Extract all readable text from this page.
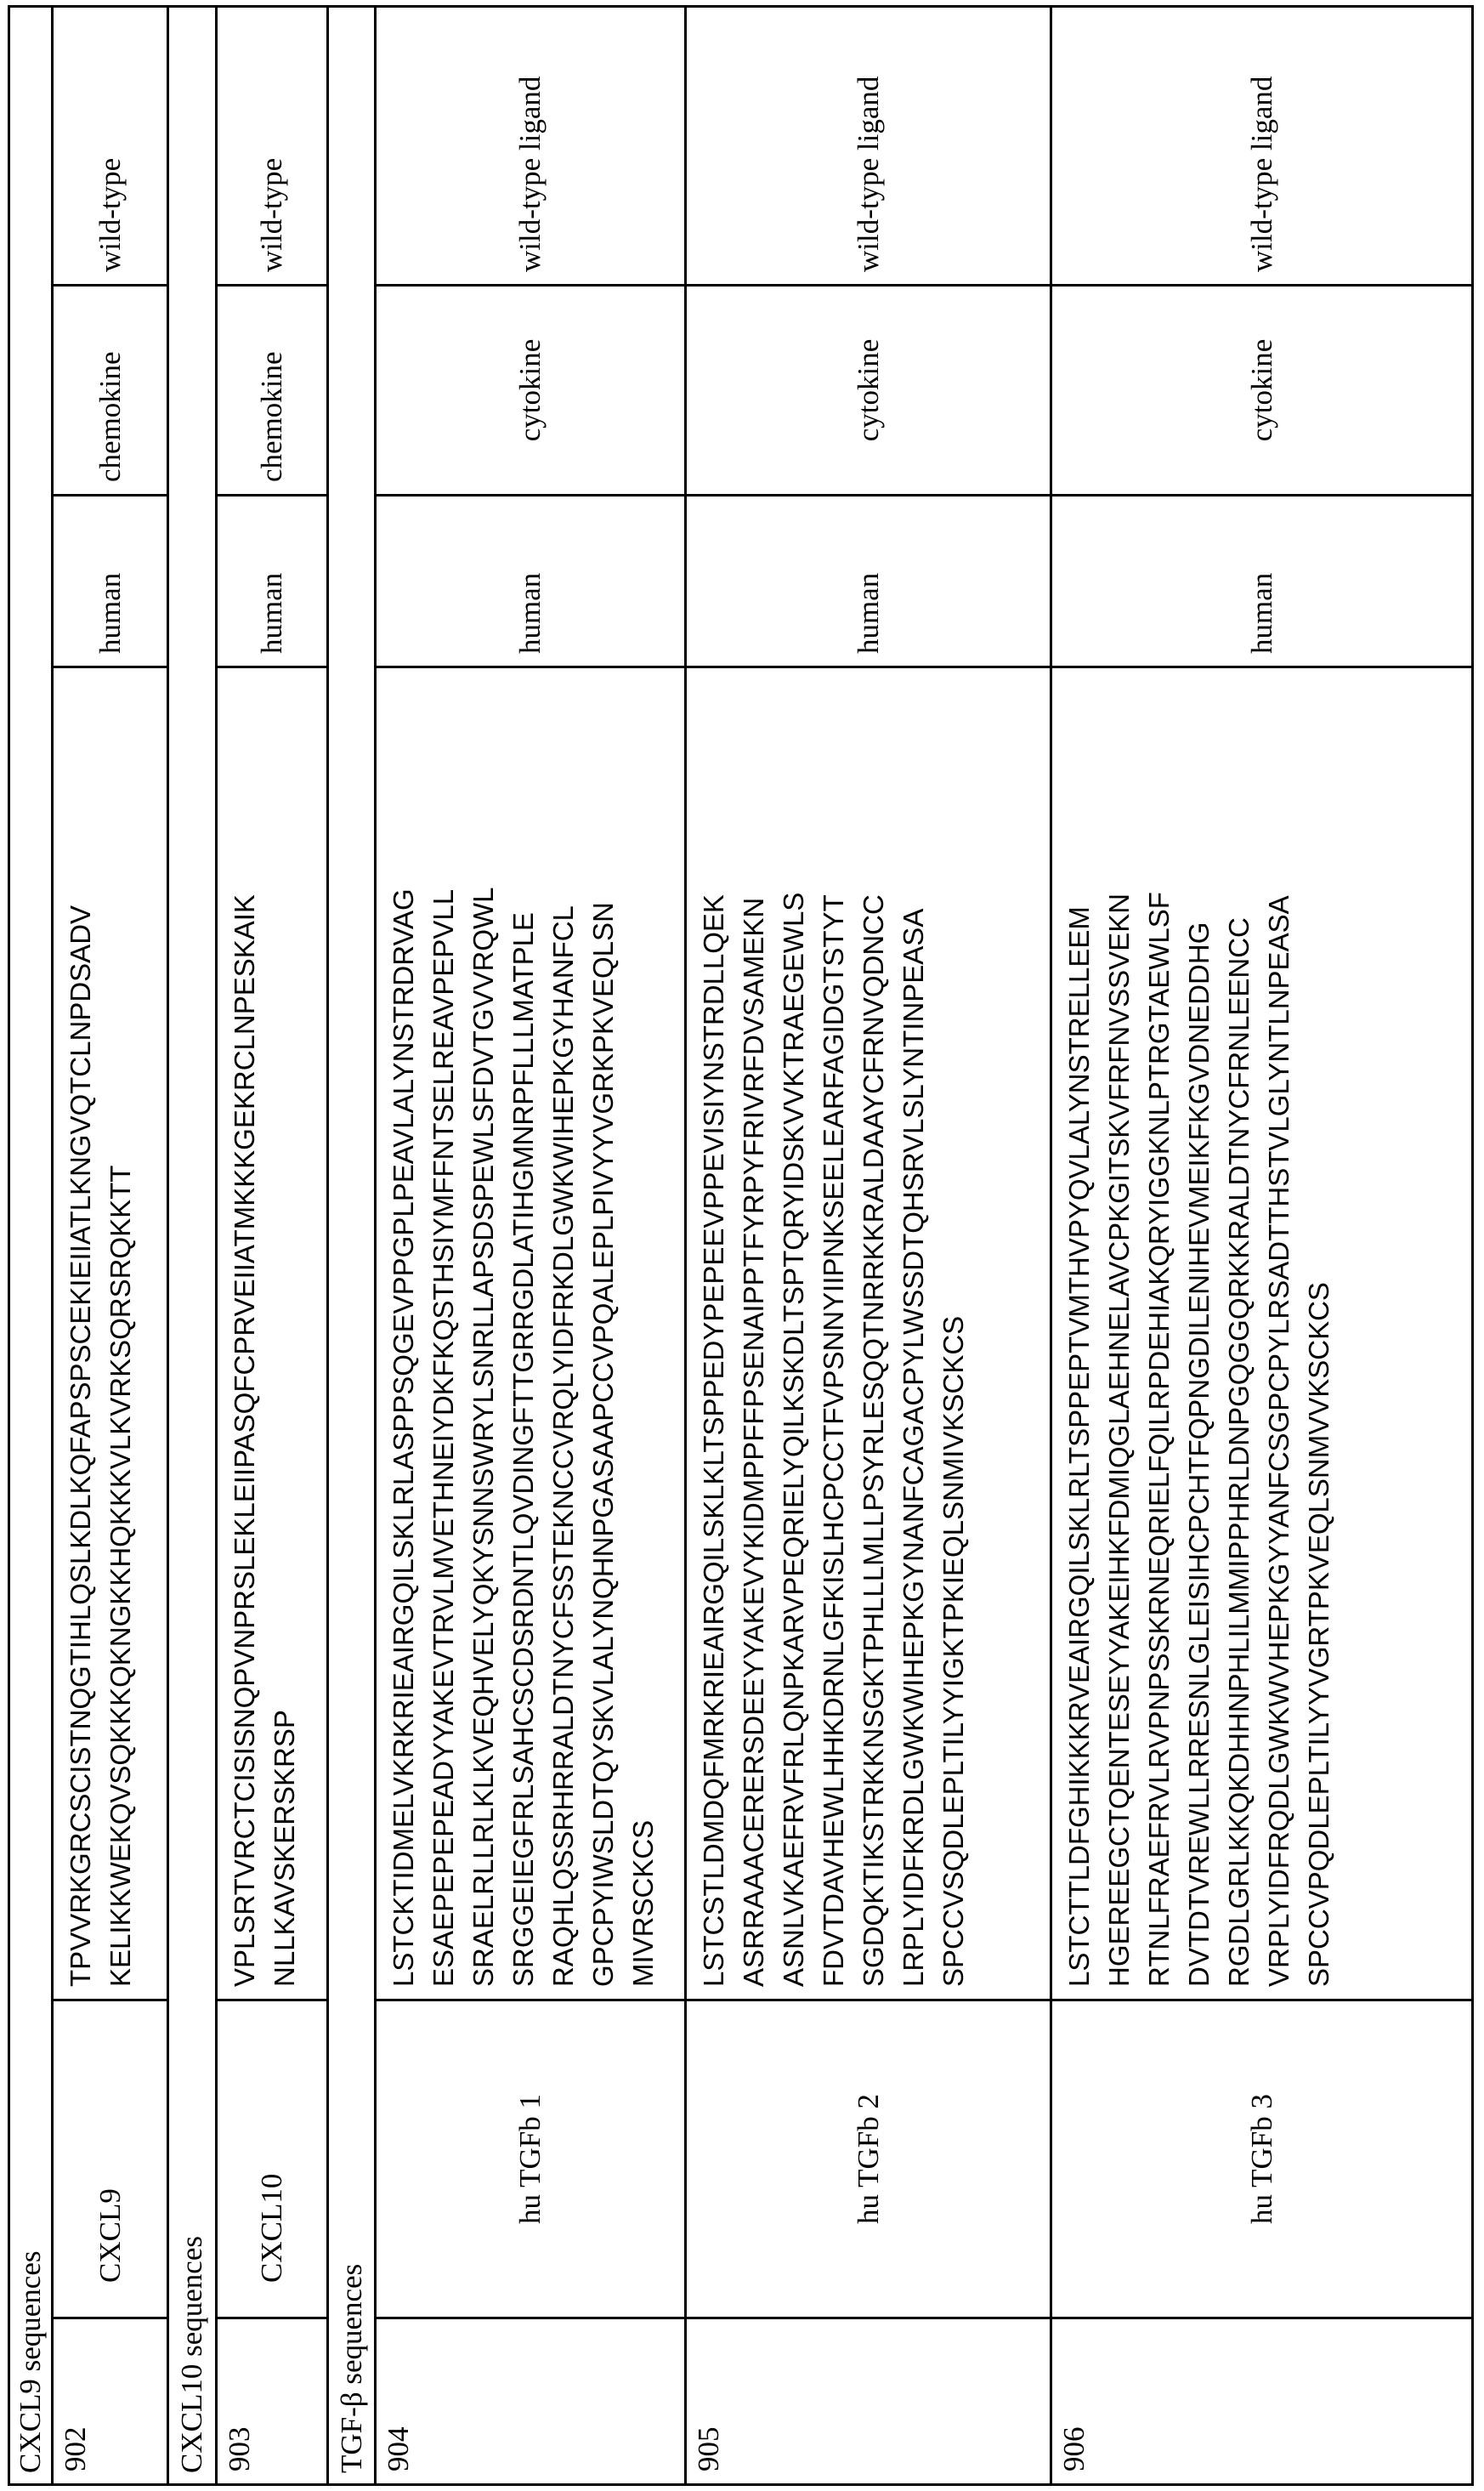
CXCL9 sequences902	CXCL9	
TPVVRKGRCSCISTNQGTIHLQSLKDLKQFAPSPSCEKIEIIATLKNGVQTCLNPDSADV KELIKKWEKQVSQKKKQKNGKKHQKKKVLKVRKSQRSRQKKTT
	human	chemokine	wild-type
CXCL10 sequences903	CXCL10	
VPLSRTVRCTCISISNQPVNPRSLEKLEIIPASQFCPRVEIIATMKKKGEKRCLNPESKAIK NLLKAVSKERSKRSP
	human	chemokine	wild-type
TGF-β sequences904	hu TGFb 1	
LSTCKTIDMELVKRKRIEAIRGQILSKLRLASPPSQGEVPPGPLPEAVLALYNSTRDRVAG ESAEPEPEPEADYYAKEVTRVLMVETHNEIYDKFKQSTHSIYMFFNTSELREAVPEPVLL SRAELRLLRLKLKVEQHVELYQKYSNNSWRYLSNRLLAPSDSPEWLSFDVTGVVRQWL SRGGEIEGFRLSAHCSCDSRDNTLQVDINGFTTGRRGDLATIHGMNRPFLLLMATPLE RAQHLQSSRHRRALDTNYCFSSTEKNCCVRQLYIDFRKDLGWKWIHEPKGYHANFCL GPCPYIWSLDTQYSKVLALYNQHNPGASAAPCCVPQALEPLPIVYYVGRKPKVEQLSN MIVRSCKCS
	human	cytokine	wild-type ligand
905	hu TGFb 2	
LSTCSTLDMDQFMRKRIEAIRGQILSKLKLTSPPEDYPEPEEVPPEVISIYNSTRDLLQEK ASRRAAACERERSDEEYYAKEVYKIDMPPFFPSENAIPPTFYRPYFRIVRFDVSAMEKN ASNLVKAEFRVFRLQNPKARVPEQRIELYQILKSKDLTSPTQRYIDSKVVKTRAEGEWLS FDVTDAVHEWLHHKDRNLGFKISLHCPCCTFVPSNNYIIPNKSEELEARFAGIDGTSTYT SGDQKTIKSTRKKNSGKTPHLLLMLLPSYRLESQQTNRRKKRALDAAYCFRNVQDNCC LRPLYIDFKRDLGWKWIHEPKGYNANFCAGACPYLWSSDTQHSRVLSLYNTINPEASA SPCCVSQDLEPLTILYYIGKTPKIEQLSNMIVKSCKCS
	human	cytokine	wild-type ligand
906	hu TGFb 3	
LSTCTTLDFGHIKKKRVEAIRGQILSKLRLTSPPEPTVMTHVPYQVLALYNSTRELLEEM HGEREEGCTQENTESEYYAKEIHKFDMIQGLAEHNELAVCPKGITSKVFRFNVSSVEKN RTNLFRAEFRVLRVPNPSSKRNEQRIELFQILRPDEHIAKQRYIGGKNLPTRGTAEWLSF DVTDTVREWLLRRESNLGLEISIHCPCHTFQPNGDILENIHEVMEIKFKGVDNEDDHG RGDLGRLKKQKDHHNPHLILMMIPPHRLDNPGQGGQRKKRALDTNYCFRNLEENCC VRPLYIDFRQDLGWKWVHEPKGYYANFCSGPCPYLRSADTTHSTVLGLYNTLNPEASA SPCCVPQDLEPLTILYYVGRTPKVEQLSNMVVKSCKCS
	human	cytokine	wild-type ligand
